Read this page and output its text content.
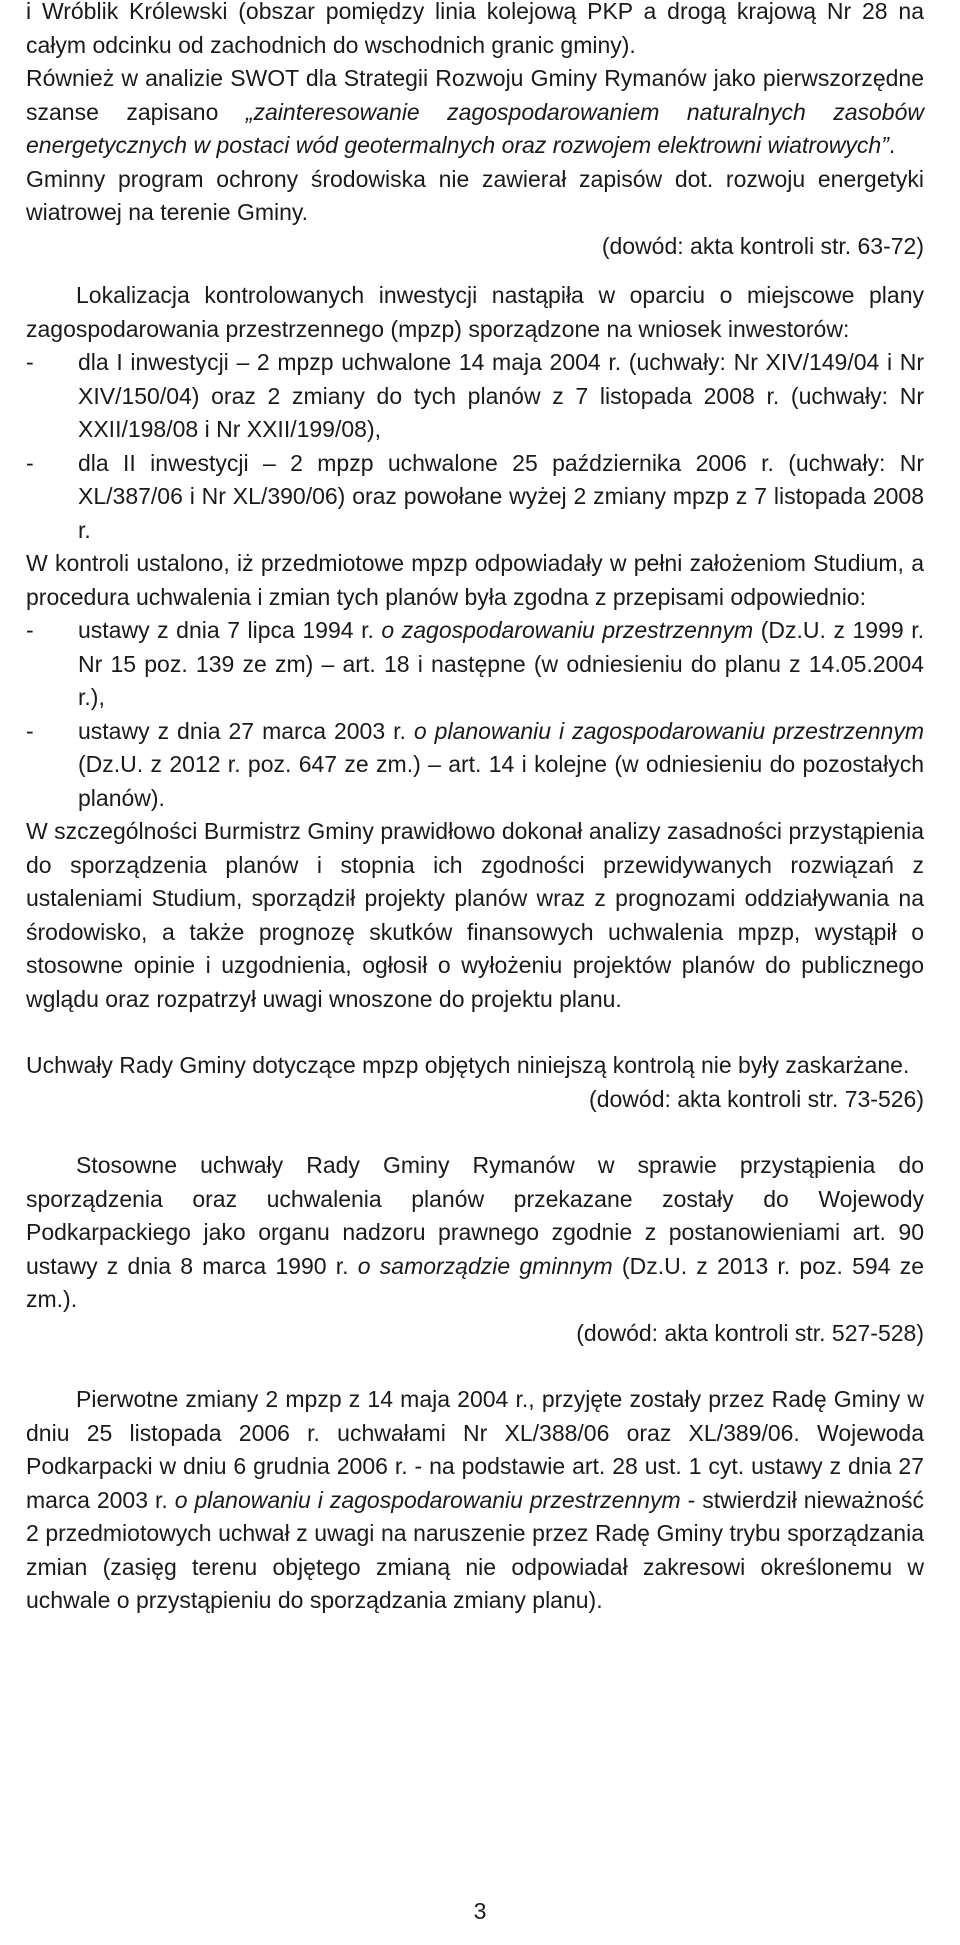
i Wróblik Królewski (obszar pomiędzy linia kolejową PKP a drogą krajową Nr 28 na całym odcinku od zachodnich do wschodnich granic gminy).

Również w analizie SWOT dla Strategii Rozwoju Gminy Rymanów jako pierwszorzędne szanse zapisano „zainteresowanie zagospodarowaniem naturalnych zasobów energetycznych w postaci wód geotermalnych oraz rozwojem elektrowni wiatrowych”.

Gminny program ochrony środowiska nie zawierał zapisów dot. rozwoju energetyki wiatrowej na terenie Gminy.

(dowód: akta kontroli str. 63-72)

Lokalizacja kontrolowanych inwestycji nastąpiła w oparciu o miejscowe plany zagospodarowania przestrzennego (mpzp) sporządzone na wniosek inwestorów:

- dla I inwestycji – 2 mpzp uchwalone 14 maja 2004 r. (uchwały: Nr XIV/149/04 i Nr XIV/150/04) oraz 2 zmiany do tych planów z 7 listopada 2008 r. (uchwały: Nr XXII/198/08 i Nr XXII/199/08),
- dla II inwestycji – 2 mpzp uchwalone 25 października 2006 r. (uchwały: Nr XL/387/06 i Nr XL/390/06) oraz powołane wyżej 2 zmiany mpzp z 7 listopada 2008 r.

W kontroli ustalono, iż przedmiotowe mpzp odpowiadały w pełni założeniom Studium, a procedura uchwalenia i zmian tych planów była zgodna z przepisami odpowiednio:

- ustawy z dnia 7 lipca 1994 r. o zagospodarowaniu przestrzennym (Dz.U. z 1999 r. Nr 15 poz. 139 ze zm) – art. 18 i następne (w odniesieniu do planu z 14.05.2004 r.),
- ustawy z dnia 27 marca 2003 r. o planowaniu i zagospodarowaniu przestrzennym (Dz.U. z 2012 r. poz. 647 ze zm.) – art. 14 i kolejne (w odniesieniu do pozostałych planów).

W szczególności Burmistrz Gminy prawidłowo dokonał analizy zasadności przystąpienia do sporządzenia planów i stopnia ich zgodności przewidywanych rozwiązań z ustaleniami Studium, sporządził projekty planów wraz z prognozami oddziaływania na środowisko, a także prognozę skutków finansowych uchwalenia mpzp, wystąpił o stosowne opinie i uzgodnienia, ogłosił o wyłożeniu projektów planów do publicznego wglądu oraz rozpatrzył uwagi wnoszone do projektu planu.

Uchwały Rady Gminy dotyczące mpzp objętych niniejszą kontrolą nie były zaskarżane.

(dowód: akta kontroli str. 73-526)

Stosowne uchwały Rady Gminy Rymanów w sprawie przystąpienia do sporządzenia oraz uchwalenia planów przekazane zostały do Wojewody Podkarpackiego jako organu nadzoru prawnego zgodnie z postanowieniami art. 90 ustawy z dnia 8 marca 1990 r. o samorządzie gminnym (Dz.U. z 2013 r. poz. 594 ze zm.).

(dowód: akta kontroli str. 527-528)

Pierwotne zmiany 2 mpzp z 14 maja 2004 r., przyjęte zostały przez Radę Gminy w dniu 25 listopada 2006 r. uchwałami Nr XL/388/06 oraz XL/389/06. Wojewoda Podkarpacki w dniu 6 grudnia 2006 r. - na podstawie art. 28 ust. 1 cyt. ustawy z dnia 27 marca 2003 r. o planowaniu i zagospodarowaniu przestrzennym - stwierdził nieważność 2 przedmiotowych uchwał z uwagi na naruszenie przez Radę Gminy trybu sporządzania zmian (zasięg terenu objętego zmianą nie odpowiadał zakresowi określonemu w uchwale o przystąpieniu do sporządzania zmiany planu).

3
